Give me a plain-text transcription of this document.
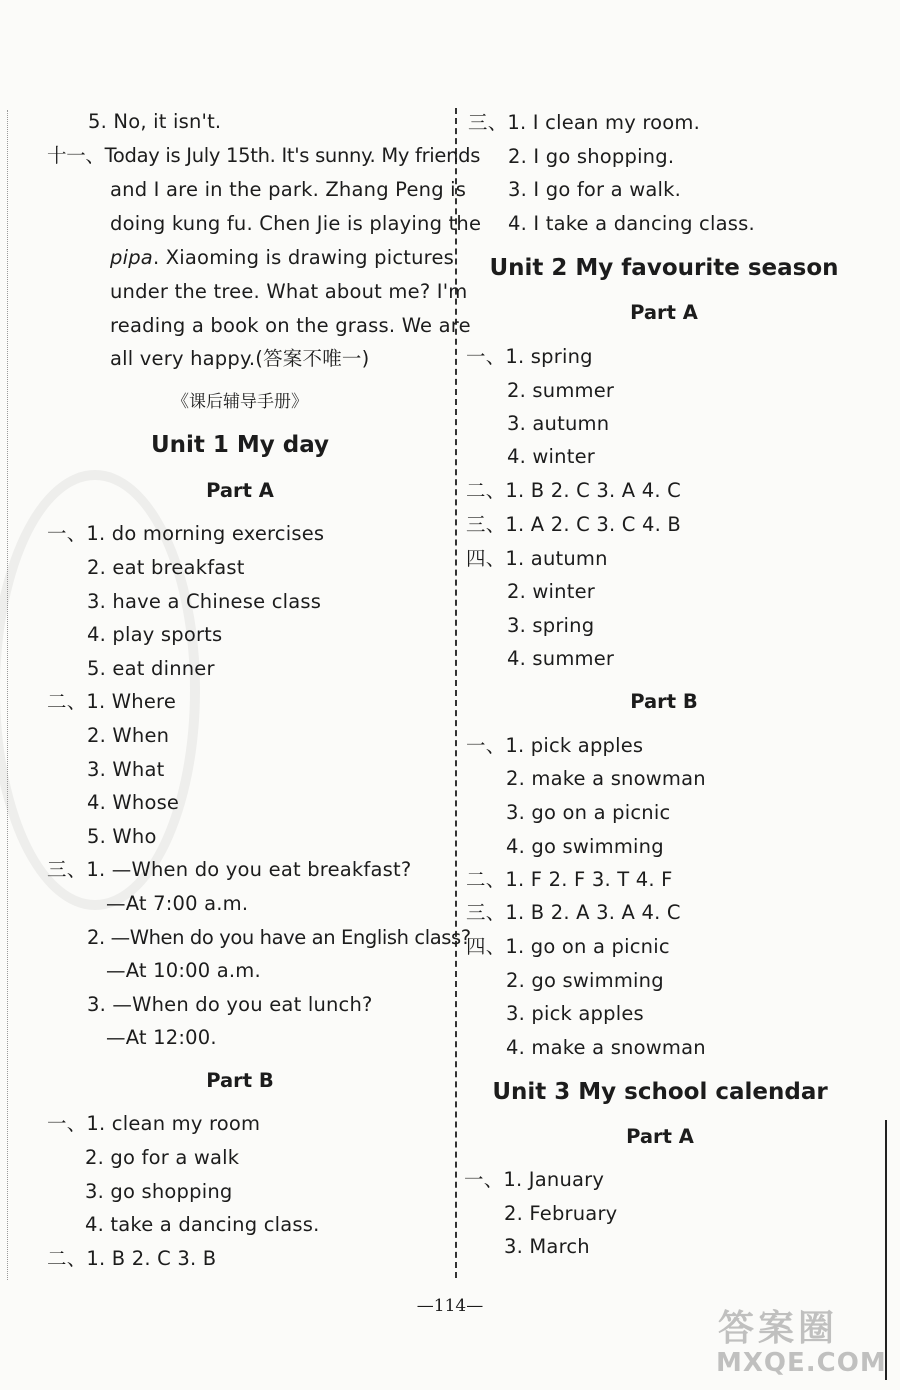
5. No, it isn't.
十一、Today is July 15th. It's sunny. My friends
and I are in the park. Zhang Peng is
doing kung fu. Chen Jie is playing the
pipa. Xiaoming is drawing pictures
under the tree. What about me? I'm
reading a book on the grass. We are
all very happy.(答案不唯一)
《课后辅导手册》
Unit 1 My day
Part A
一、1. do morning exercises
2. eat breakfast
3. have a Chinese class
4. play sports
5. eat dinner
二、1. Where
2. When
3. What
4. Whose
5. Who
三、1. —When do you eat breakfast?
—At 7:00 a.m.
2. —When do you have an English class?
—At 10:00 a.m.
3. —When do you eat lunch?
—At 12:00.
Part B
一、1. clean my room
2. go for a walk
3. go shopping
4. take a dancing class.
二、1. B 2. C 3. B
三、1. I clean my room.
2. I go shopping.
3. I go for a walk.
4. I take a dancing class.
Unit 2 My favourite season
Part A
一、1. spring
2. summer
3. autumn
4. winter
二、1. B 2. C 3. A 4. C
三、1. A 2. C 3. C 4. B
四、1. autumn
2. winter
3. spring
4. summer
Part B
一、1. pick apples
2. make a snowman
3. go on a picnic
4. go swimming
二、1. F 2. F 3. T 4. F
三、1. B 2. A 3. A 4. C
四、1. go on a picnic
2. go swimming
3. pick apples
4. make a snowman
Unit 3 My school calendar
Part A
一、1. January
2. February
3. March
—114—
答案圈
MXQE.COM
